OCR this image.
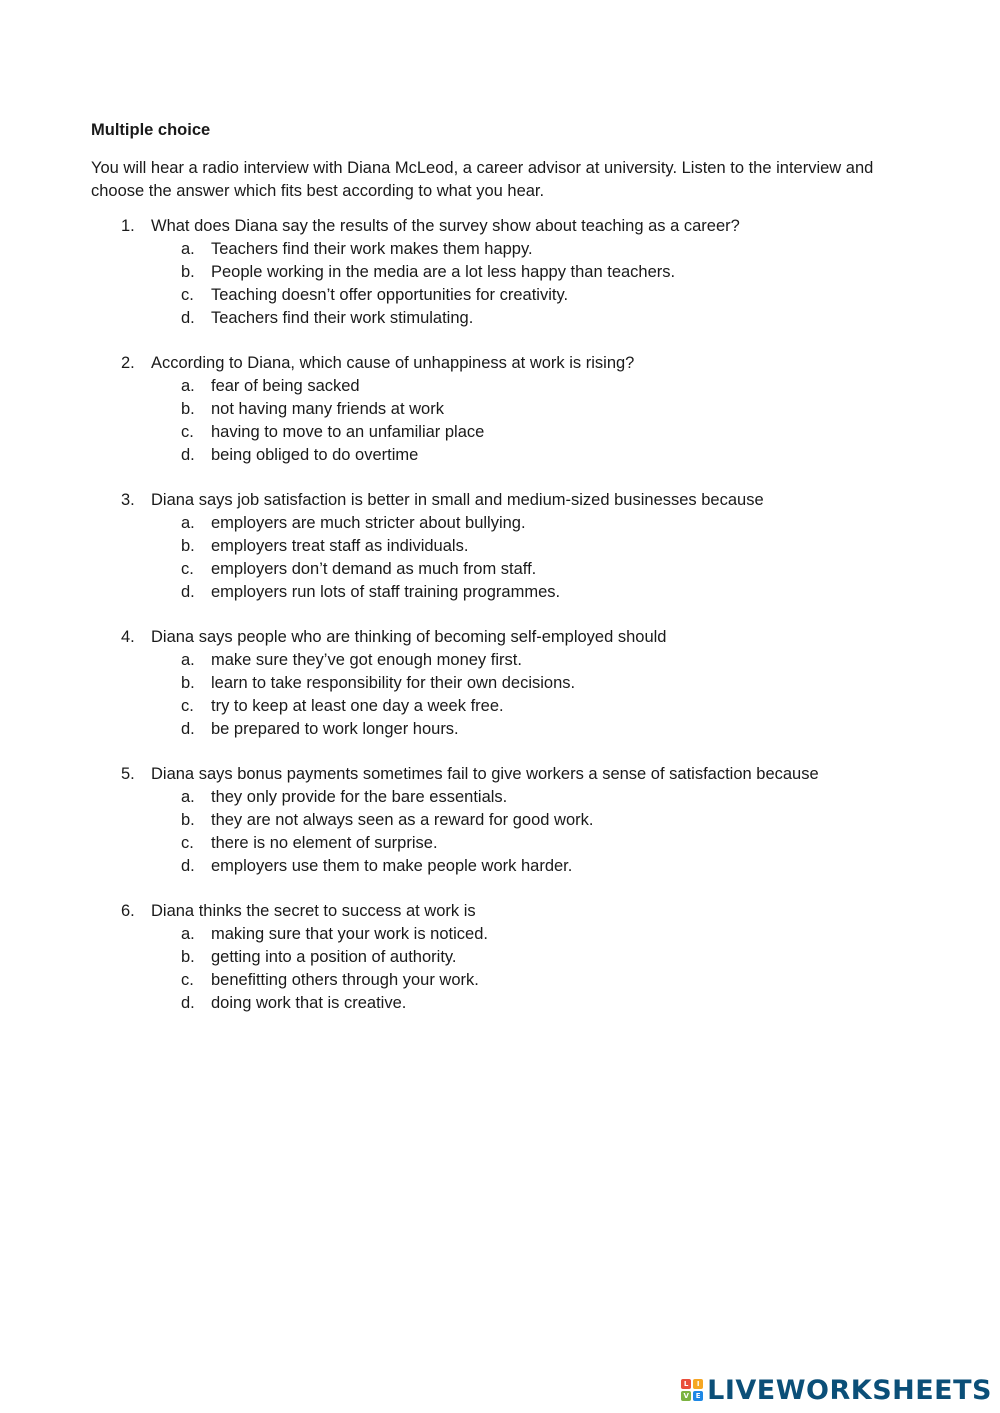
Multiple choice

You will hear a radio interview with Diana McLeod, a career advisor at university. Listen to the interview and choose the answer which fits best according to what you hear.

1. What does Diana say the results of the survey show about teaching as a career?
a. Teachers find their work makes them happy.
b. People working in the media are a lot less happy than teachers.
c. Teaching doesn’t offer opportunities for creativity.
d. Teachers find their work stimulating.
2. According to Diana, which cause of unhappiness at work is rising?
a. fear of being sacked
b. not having many friends at work
c. having to move to an unfamiliar place
d. being obliged to do overtime
3. Diana says job satisfaction is better in small and medium-sized businesses because
a. employers are much stricter about bullying.
b. employers treat staff as individuals.
c. employers don’t demand as much from staff.
d. employers run lots of staff training programmes.
4. Diana says people who are thinking of becoming self-employed should
a. make sure they’ve got enough money first.
b. learn to take responsibility for their own decisions.
c. try to keep at least one day a week free.
d. be prepared to work longer hours.
5. Diana says bonus payments sometimes fail to give workers a sense of satisfaction because
a. they only provide for the bare essentials.
b. they are not always seen as a reward for good work.
c. there is no element of surprise.
d. employers use them to make people work harder.
6. Diana thinks the secret to success at work is
a. making sure that your work is noticed.
b. getting into a position of authority.
c. benefitting others through your work.
d. doing work that is creative.
L	I
V E LIVEWORKSHEETS
